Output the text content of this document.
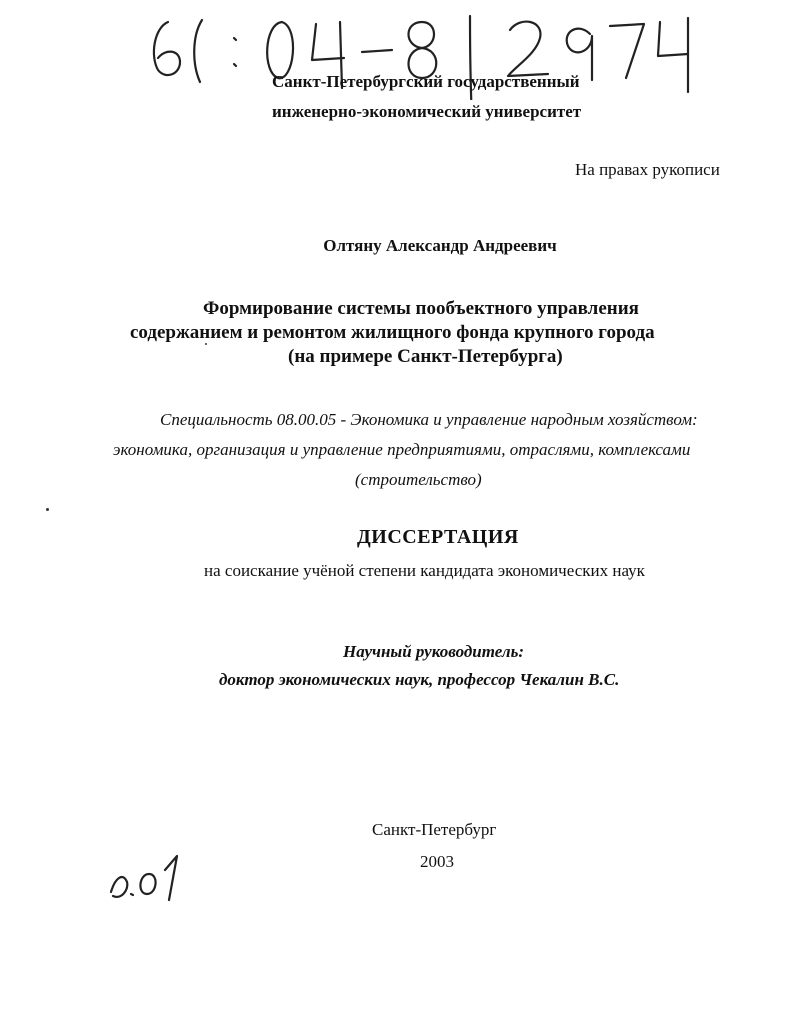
Санкт-Петербургский государственный
инженерно-экономический университет
На правах рукописи
Олтяну Александр Андреевич
Формирование системы пообъектного управления
содержанием и ремонтом жилищного фонда крупного города
(на примере Санкт-Петербурга)
Специальность 08.00.05 - Экономика и управление народным хозяйством:
экономика, организация и управление предприятиями, отраслями, комплексами
(строительство)
ДИССЕРТАЦИЯ
на соискание учёной степени кандидата экономических наук
Научный руководитель:
доктор экономических наук, профессор Чекалин В.С.
Санкт-Петербург
2003
